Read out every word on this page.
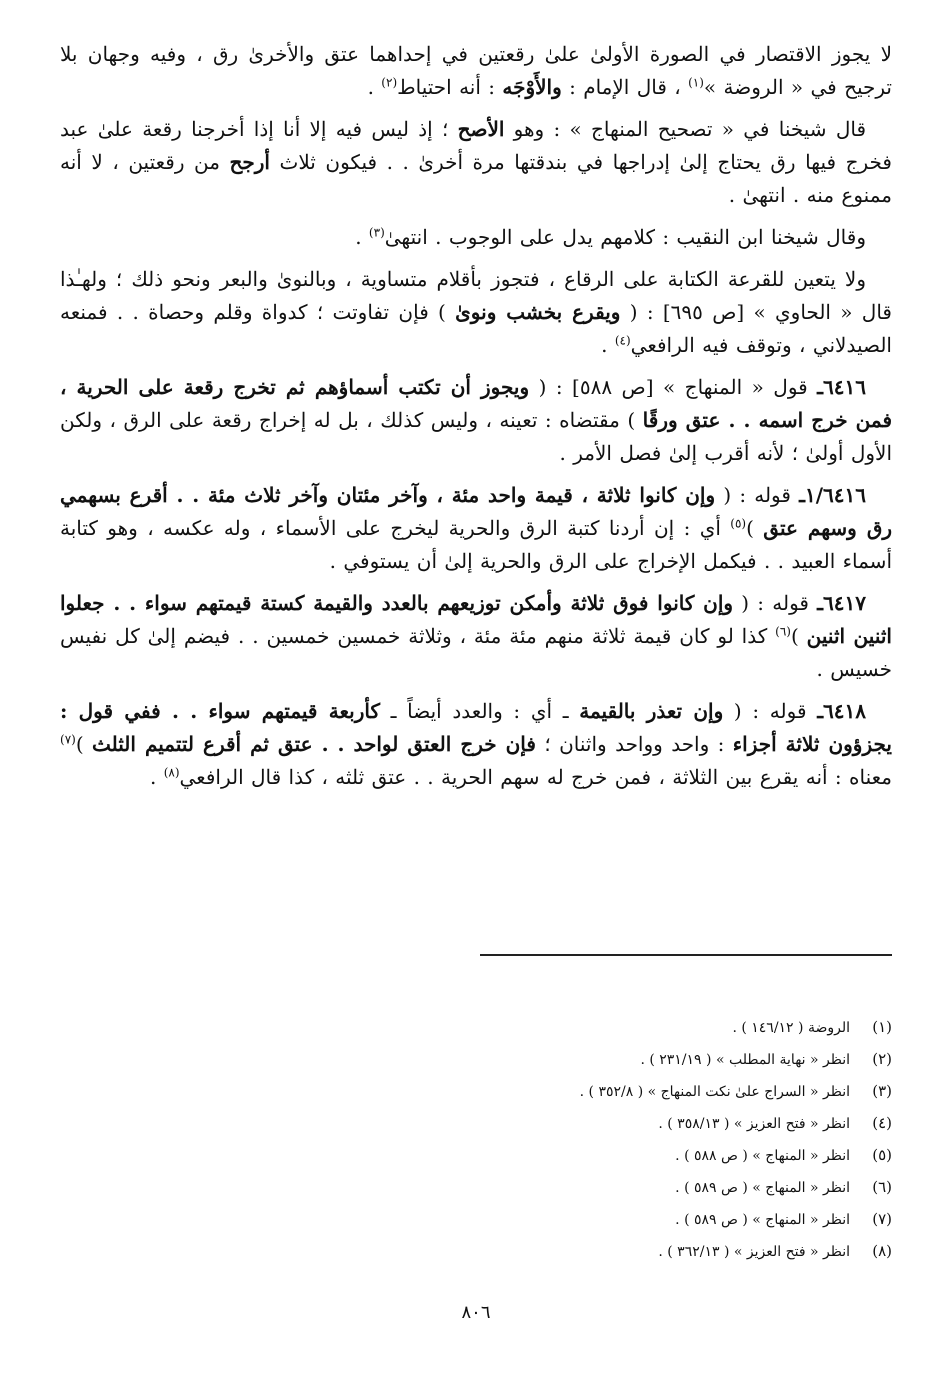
لا يجوز الاقتصار في الصورة الأولىٰ علىٰ رقعتين في إحداهما عتق والأخرىٰ رق ، وفيه وجهان بلا ترجيح في « الروضة »$^{(١)}$ ، قال الإمام : والأَوْجَه : أنه احتياط$^{(٢)}$ .

قال شيخنا في « تصحيح المنهاج » : وهو الأصح ؛ إذ ليس فيه إلا أنا إذا أخرجنا رقعة علىٰ عبد فخرج فيها رق يحتاج إلىٰ إدراجها في بندقتها مرة أخرىٰ . . فيكون ثلاث أرجح من رقعتين ، لا أنه ممنوع منه . انتهىٰ .

وقال شيخنا ابن النقيب : كلامهم يدل على الوجوب . انتهىٰ$^{(٣)}$ .

ولا يتعين للقرعة الكتابة على الرقاع ، فتجوز بأقلام متساوية ، وبالنوىٰ والبعر ونحو ذلك ؛ ولهـٰذا قال « الحاوي » [ص ٦٩٥] : ( ويقرع بخشب ونوىٰ ) فإن تفاوتت ؛ كدواة وقلم وحصاة . . فمنعه الصيدلاني ، وتوقف فيه الرافعي$^{(٤)}$ .

٦٤١٦ـ قول « المنهاج » [ص ٥٨٨] : ( ويجوز أن تكتب أسماؤهم ثم تخرج رقعة على الحرية ، فمن خرج اسمه . . عتق ورقًا ) مقتضاه : تعينه ، وليس كذلك ، بل له إخراج رقعة على الرق ، ولكن الأول أولىٰ ؛ لأنه أقرب إلىٰ فصل الأمر .

١/٦٤١٦ـ قوله : ( وإن كانوا ثلاثة ، قيمة واحد مئة ، وآخر مئتان وآخر ثلاث مئة . . أقرع بسهمي رق وسهم عتق )$^{(٥)}$ أي : إن أردنا كتبة الرق والحرية ليخرج على الأسماء ، وله عكسه ، وهو كتابة أسماء العبيد . . فيكمل الإخراج على الرق والحرية إلىٰ أن يستوفي .

٦٤١٧ـ قوله : ( وإن كانوا فوق ثلاثة وأمكن توزيعهم بالعدد والقيمة كستة قيمتهم سواء . . جعلوا اثنين اثنين )$^{(٦)}$ كذا لو كان قيمة ثلاثة منهم مئة مئة ، وثلاثة خمسين خمسين . . فيضم إلىٰ كل نفيس خسيس .

٦٤١٨ـ قوله : ( وإن تعذر بالقيمة ـ أي : والعدد أيضاً ـ كأربعة قيمتهم سواء . . ففي قول : يجزؤون ثلاثة أجزاء : واحد وواحد واثنان ؛ فإن خرج العتق لواحد . . عتق ثم أقرع لتتميم الثلث )$^{(٧)}$ معناه : أنه يقرع بين الثلاثة ، فمن خرج له سهم الحرية . . عتق ثلثه ، كذا قال الرافعي$^{(٨)}$ .

(١)الروضة ( ١٤٦/١٢ ) .
(٢)انظر « نهاية المطلب » ( ٢٣١/١٩ ) .
(٣)انظر « السراج علىٰ نكت المنهاج » ( ٣٥٢/٨ ) .
(٤)انظر « فتح العزيز » ( ٣٥٨/١٣ ) .
(٥)انظر « المنهاج » ( ص ٥٨٨ ) .
(٦)انظر « المنهاج » ( ص ٥٨٩ ) .
(٧)انظر « المنهاج » ( ص ٥٨٩ ) .
(٨)انظر « فتح العزيز » ( ٣٦٢/١٣ ) .
٨٠٦
